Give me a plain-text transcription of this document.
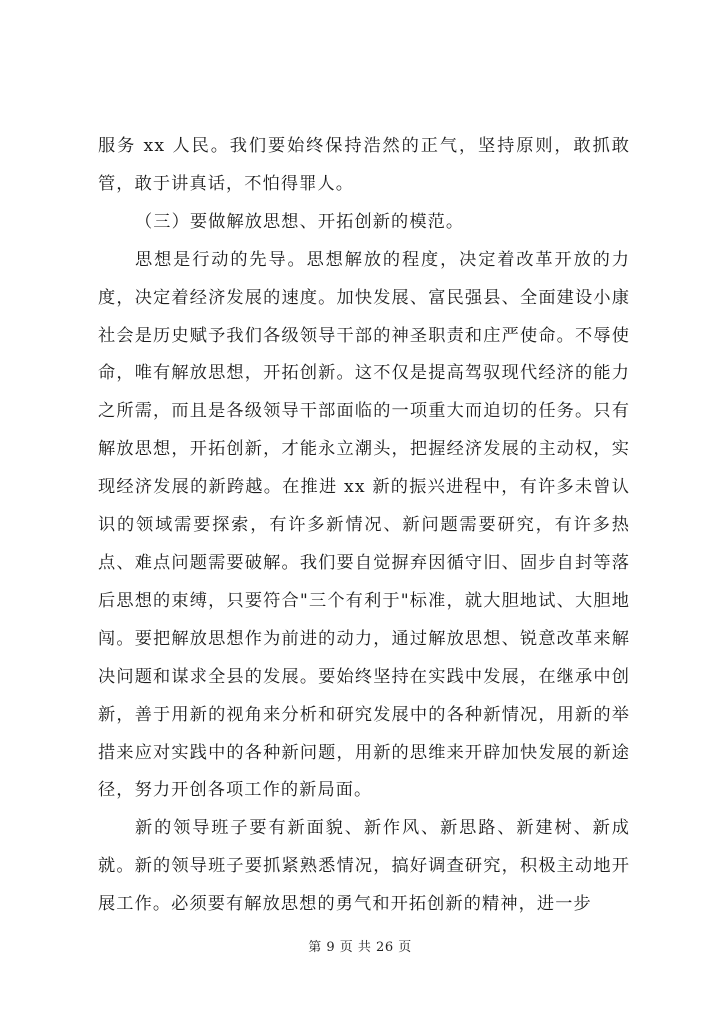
服务 xx 人民。我们要始终保持浩然的正气，坚持原则，敢抓敢管，敢于讲真话，不怕得罪人。

（三）要做解放思想、开拓创新的模范。

思想是行动的先导。思想解放的程度，决定着改革开放的力度，决定着经济发展的速度。加快发展、富民强县、全面建设小康社会是历史赋予我们各级领导干部的神圣职责和庄严使命。不辱使命，唯有解放思想，开拓创新。这不仅是提高驾驭现代经济的能力之所需，而且是各级领导干部面临的一项重大而迫切的任务。只有解放思想，开拓创新，才能永立潮头，把握经济发展的主动权，实现经济发展的新跨越。在推进 xx 新的振兴进程中，有许多未曾认识的领域需要探索，有许多新情况、新问题需要研究，有许多热点、难点问题需要破解。我们要自觉摒弃因循守旧、固步自封等落后思想的束缚，只要符合"三个有利于"标准，就大胆地试、大胆地闯。要把解放思想作为前进的动力，通过解放思想、锐意改革来解决问题和谋求全县的发展。要始终坚持在实践中发展，在继承中创新，善于用新的视角来分析和研究发展中的各种新情况，用新的举措来应对实践中的各种新问题，用新的思维来开辟加快发展的新途径，努力开创各项工作的新局面。

新的领导班子要有新面貌、新作风、新思路、新建树、新成就。新的领导班子要抓紧熟悉情况，搞好调查研究，积极主动地开展工作。必须要有解放思想的勇气和开拓创新的精神，进一步

第 9 页 共 26 页
